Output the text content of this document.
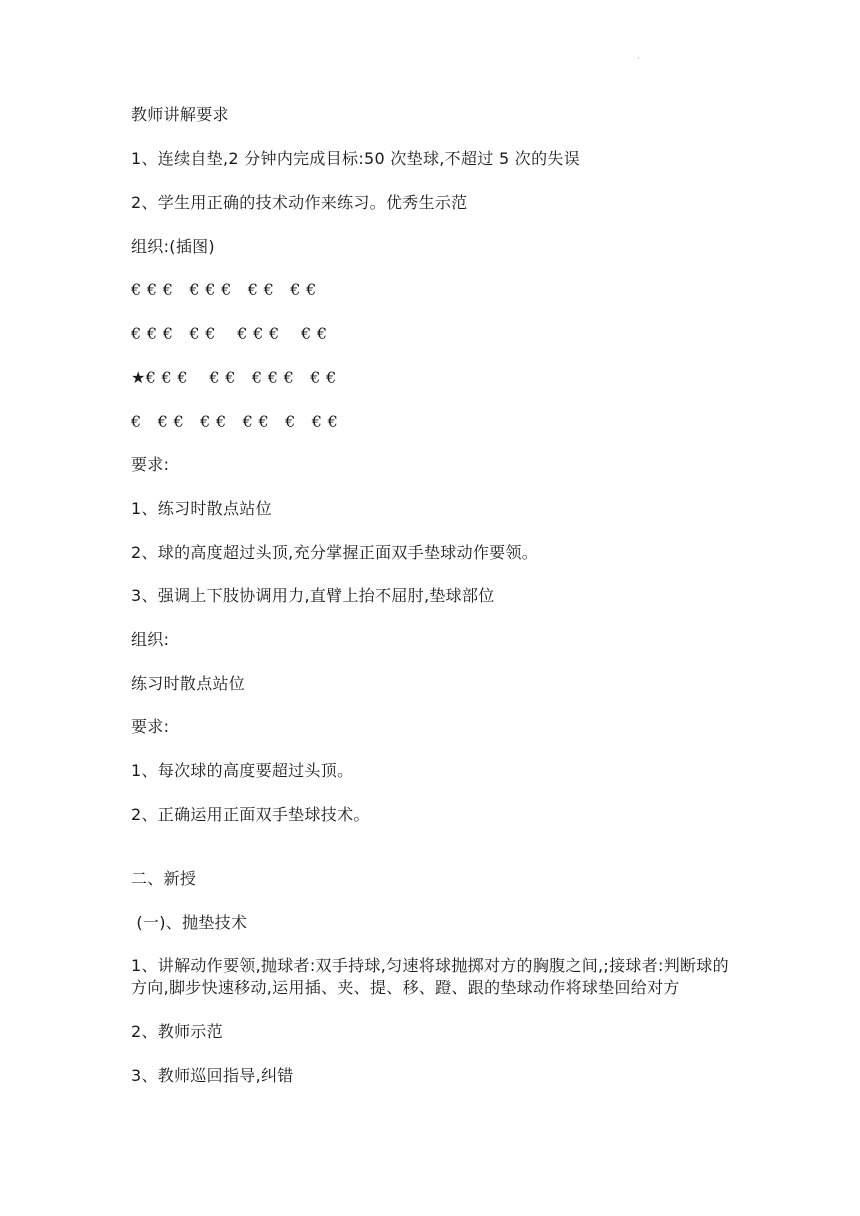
·
教师讲解要求
1、连续自垫,2 分钟内完成目标:50 次垫球,不超过 5 次的失误
2、学生用正确的技术动作来练习。优秀生示范
组织:(插图)
€ € €   € € €   € €   € €
€ € €   € €    € € €    € €
★€ € €    € €   € € €   € €
€   € €   € €   € €   €   € €
要求:
1、练习时散点站位
2、球的高度超过头顶,充分掌握正面双手垫球动作要领。
3、强调上下肢协调用力,直臂上抬不屈肘,垫球部位
组织:
练习时散点站位
要求:
1、每次球的高度要超过头顶。
2、正确运用正面双手垫球技术。
二、新授
(一)、抛垫技术
1、讲解动作要领,抛球者:双手持球,匀速将球抛掷对方的胸腹之间,;接球者:判断球的方向,脚步快速移动,运用插、夹、提、移、蹬、跟的垫球动作将球垫回给对方
2、教师示范
3、教师巡回指导,纠错
